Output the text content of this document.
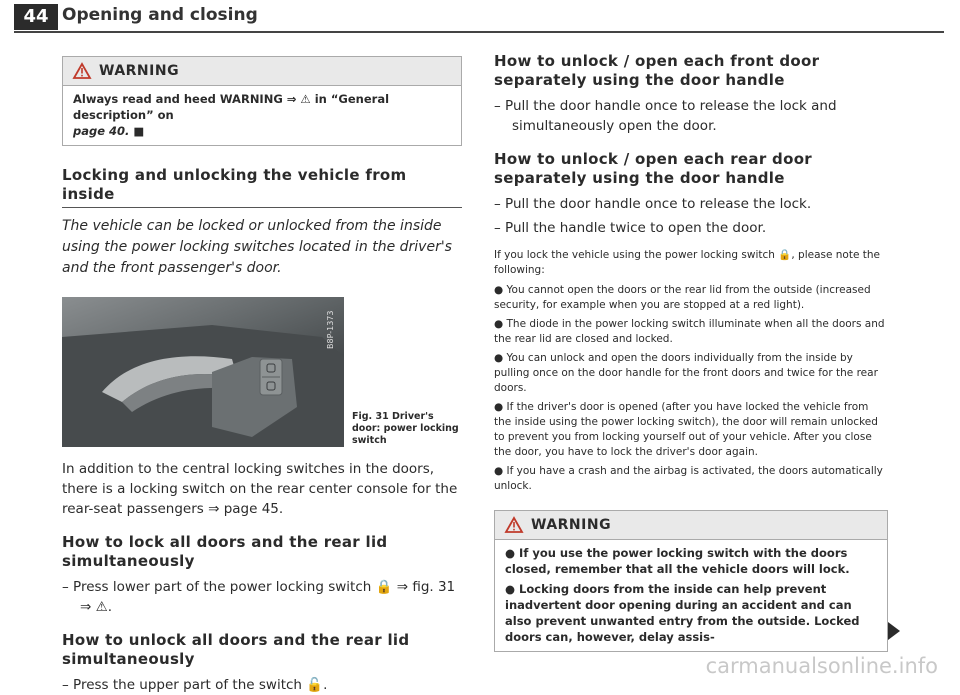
44 Opening and closing
WARNING
Always read and heed WARNING ⇒ ⚠ in “General description” on
page 40. ■
Locking and unlocking the vehicle from inside

The vehicle can be locked or unlocked from the inside using the power locking switches located in the driver's and the front passenger's door.

B8P-1373
Fig. 31 Driver's door: power locking switch

In addition to the central locking switches in the doors, there is a locking switch on the rear center console for the rear-seat passengers ⇒ page 45.

How to lock all doors and the rear lid simultaneously

– Press lower part of the power locking switch 🔒 ⇒ fig. 31 ⇒ ⚠.

How to unlock all doors and the rear lid simultaneously

– Press the upper part of the switch 🔓.

How to unlock / open each front door separately using the door handle

– Pull the door handle once to release the lock and simultaneously open the door.

How to unlock / open each rear door separately using the door handle

– Pull the door handle once to release the lock.

– Pull the handle twice to open the door.

If you lock the vehicle using the power locking switch 🔒, please note the following:

● You cannot open the doors or the rear lid from the outside (increased security, for example when you are stopped at a red light).

● The diode in the power locking switch illuminate when all the doors and the rear lid are closed and locked.

● You can unlock and open the doors individually from the inside by pulling once on the door handle for the front doors and twice for the rear doors.

● If the driver's door is opened (after you have locked the vehicle from the inside using the power locking switch), the door will remain unlocked to prevent you from locking yourself out of your vehicle. After you close the door, you have to lock the driver's door again.

● If you have a crash and the airbag is activated, the doors automatically unlock.

WARNING
● If you use the power locking switch with the doors closed, remember that all the vehicle doors will lock.
● Locking doors from the inside can help prevent inadvertent door opening during an accident and can also prevent unwanted entry from the outside. Locked doors can, however, delay assis-
carmanualsonline.info
